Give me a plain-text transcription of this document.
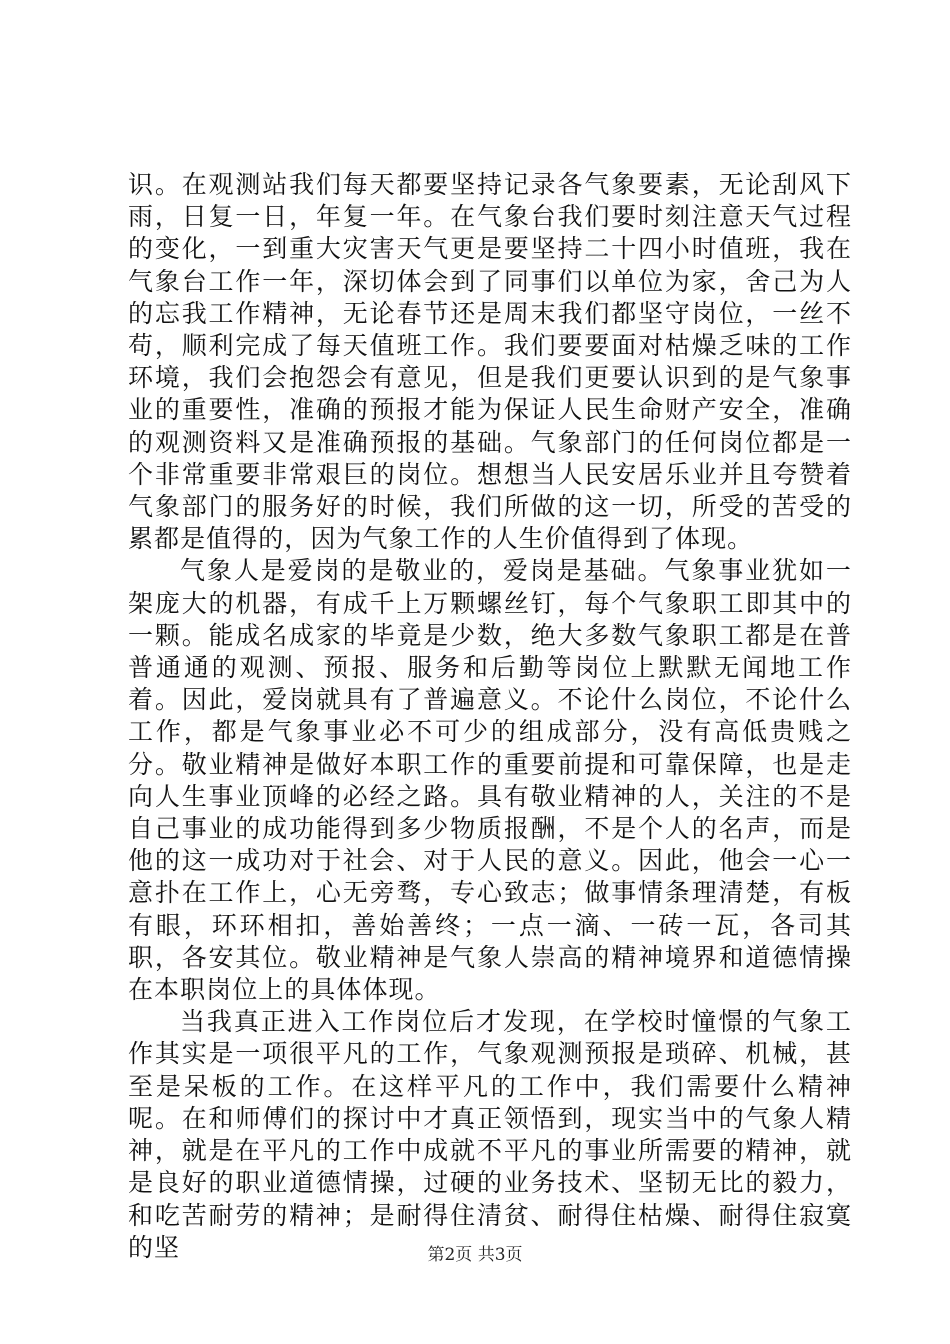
识。在观测站我们每天都要坚持记录各气象要素，无论刮风下雨，日复一日，年复一年。在气象台我们要时刻注意天气过程的变化，一到重大灾害天气更是要坚持二十四小时值班，我在气象台工作一年，深切体会到了同事们以单位为家，舍己为人的忘我工作精神，无论春节还是周末我们都坚守岗位，一丝不苟，顺利完成了每天值班工作。我们要要面对枯燥乏味的工作环境，我们会抱怨会有意见，但是我们更要认识到的是气象事业的重要性，准确的预报才能为保证人民生命财产安全，准确的观测资料又是准确预报的基础。气象部门的任何岗位都是一个非常重要非常艰巨的岗位。想想当人民安居乐业并且夸赞着气象部门的服务好的时候，我们所做的这一切，所受的苦受的累都是值得的，因为气象工作的人生价值得到了体现。

气象人是爱岗的是敬业的，爱岗是基础。气象事业犹如一架庞大的机器，有成千上万颗螺丝钉，每个气象职工即其中的一颗。能成名成家的毕竟是少数，绝大多数气象职工都是在普普通通的观测、预报、服务和后勤等岗位上默默无闻地工作着。因此，爱岗就具有了普遍意义。不论什么岗位，不论什么工作，都是气象事业必不可少的组成部分，没有高低贵贱之分。敬业精神是做好本职工作的重要前提和可靠保障，也是走向人生事业顶峰的必经之路。具有敬业精神的人，关注的不是自己事业的成功能得到多少物质报酬，不是个人的名声，而是他的这一成功对于社会、对于人民的意义。因此，他会一心一意扑在工作上，心无旁骛，专心致志；做事情条理清楚，有板有眼，环环相扣，善始善终；一点一滴、一砖一瓦，各司其职，各安其位。敬业精神是气象人崇高的精神境界和道德情操在本职岗位上的具体体现。

当我真正进入工作岗位后才发现，在学校时憧憬的气象工作其实是一项很平凡的工作，气象观测预报是琐碎、机械，甚至是呆板的工作。在这样平凡的工作中，我们需要什么精神呢。在和师傅们的探讨中才真正领悟到，现实当中的气象人精神，就是在平凡的工作中成就不平凡的事业所需要的精神，就是良好的职业道德情操，过硬的业务技术、坚韧无比的毅力，和吃苦耐劳的精神；是耐得住清贫、耐得住枯燥、耐得住寂寞的坚	第2页 共3页
